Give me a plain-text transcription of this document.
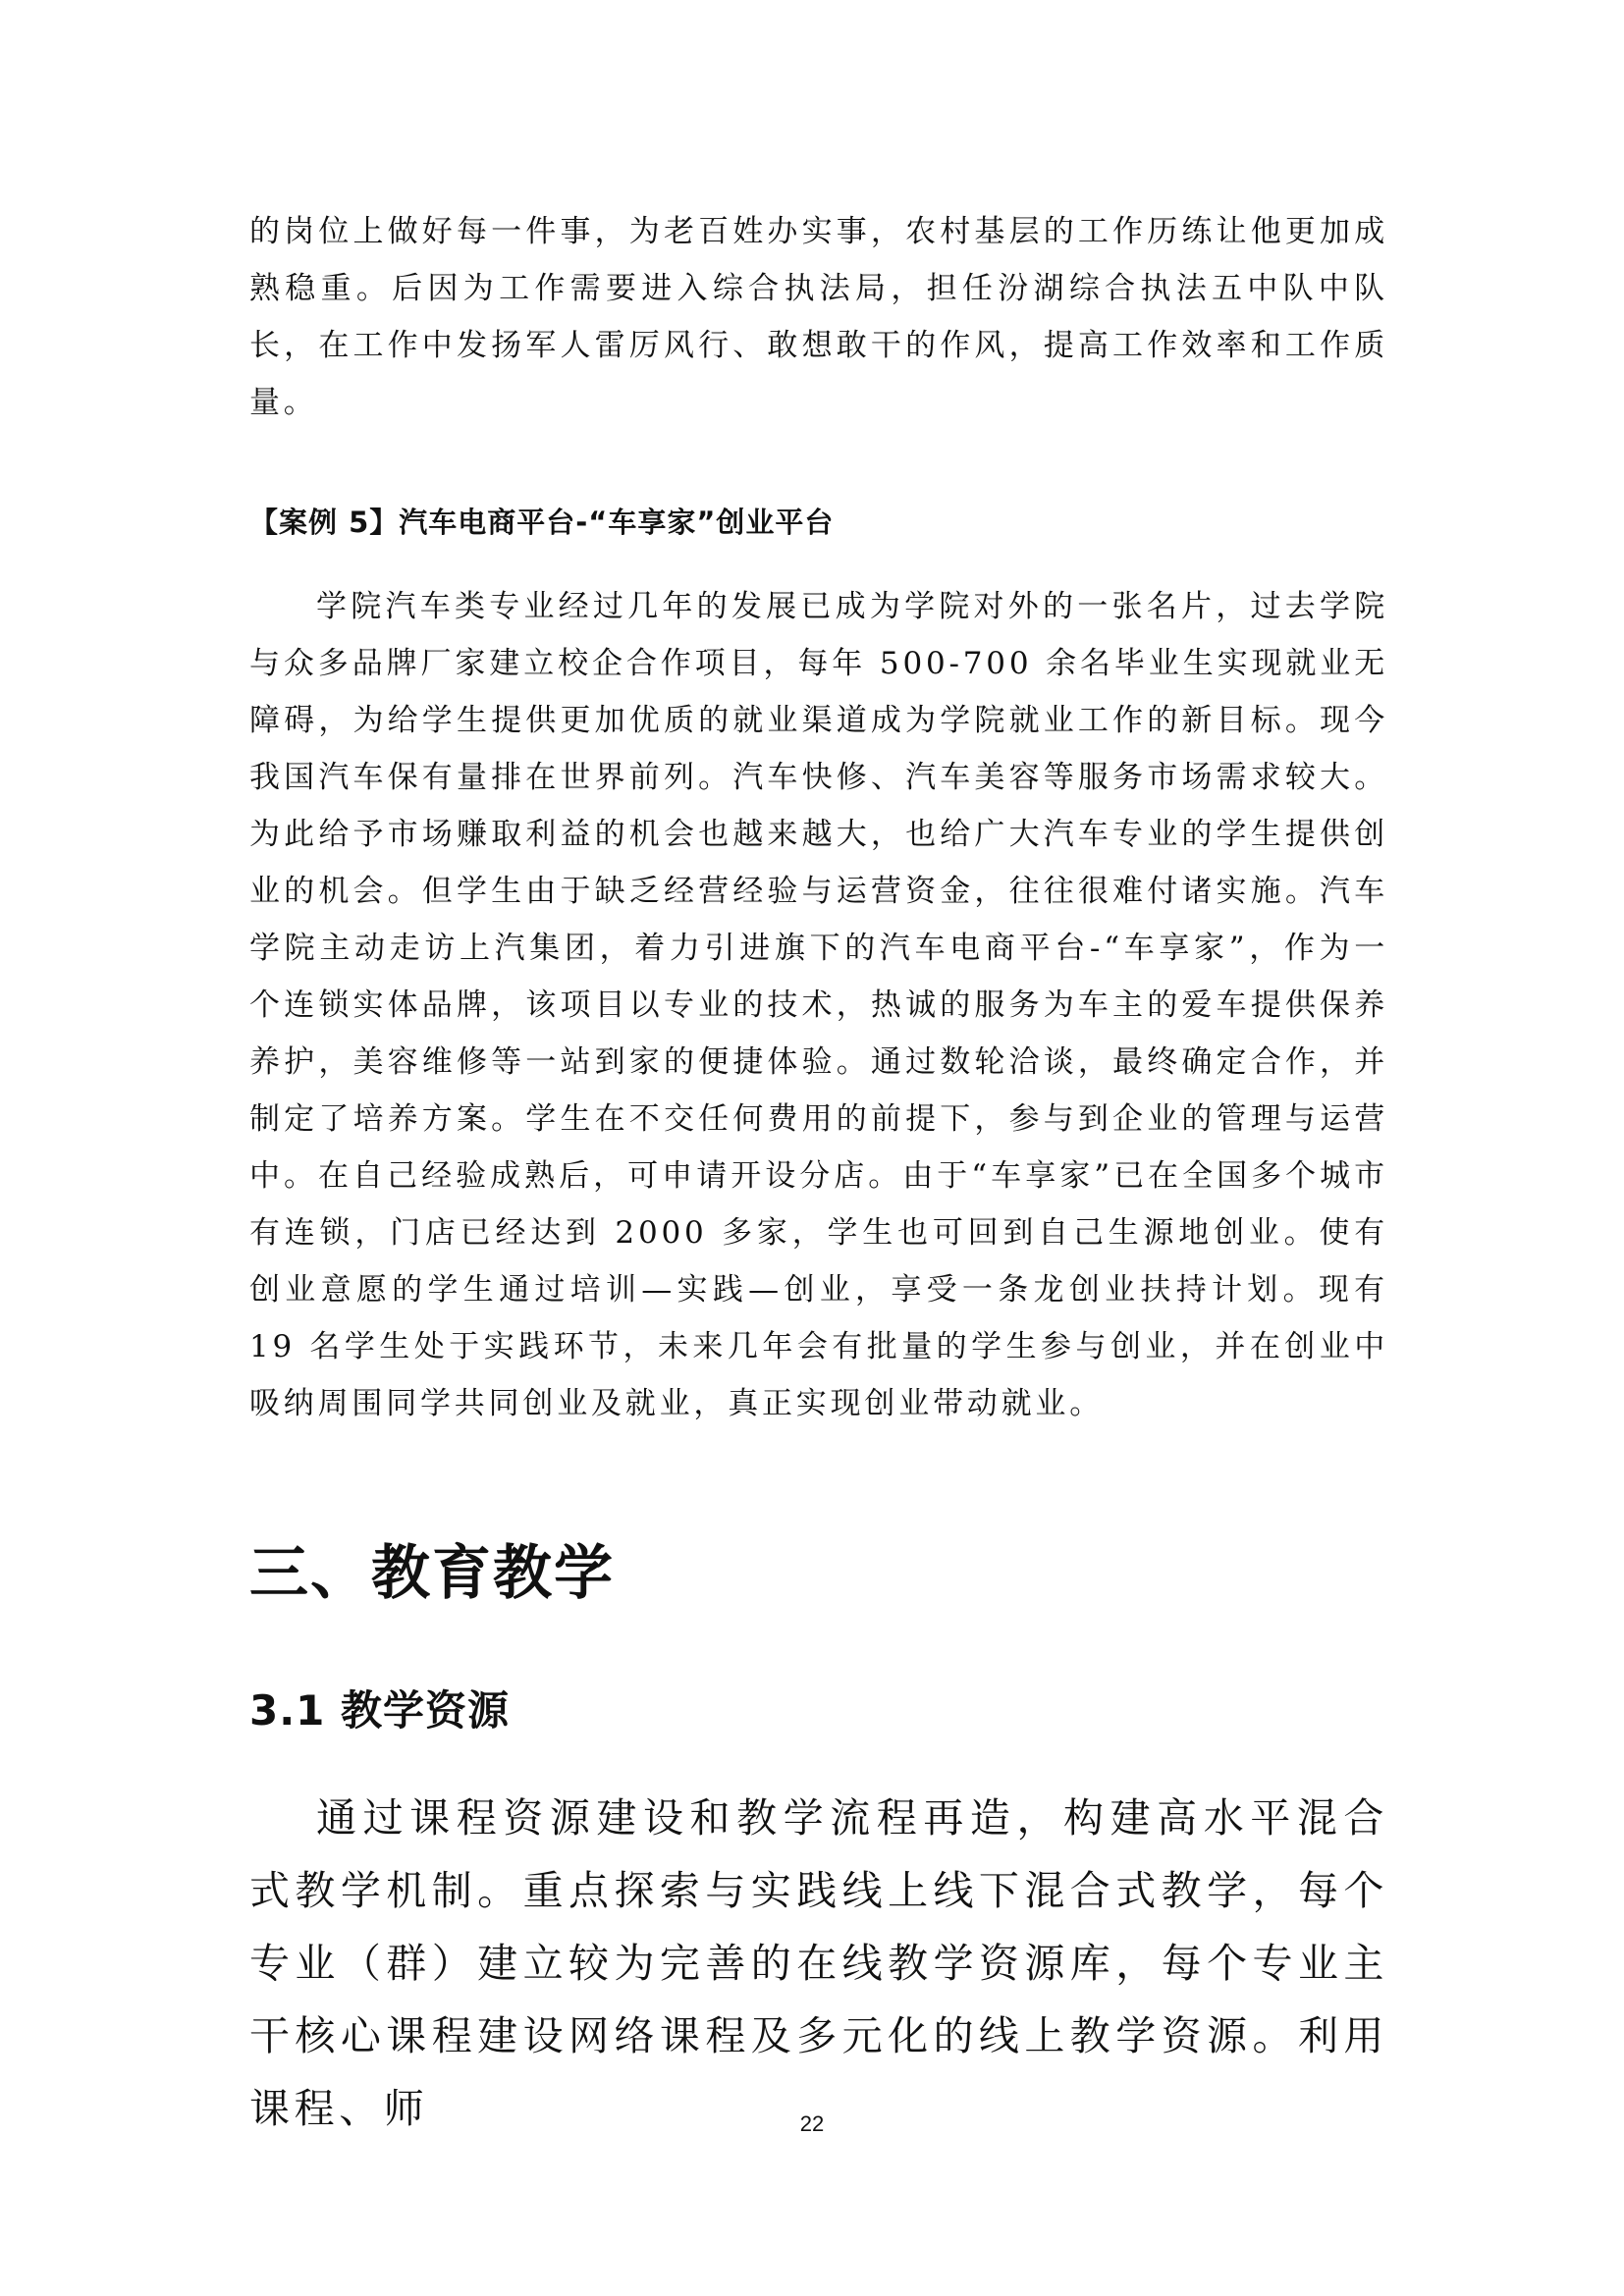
的岗位上做好每一件事，为老百姓办实事，农村基层的工作历练让他更加成熟稳重。后因为工作需要进入综合执法局，担任汾湖综合执法五中队中队长，在工作中发扬军人雷厉风行、敢想敢干的作风，提高工作效率和工作质量。

【案例 5】汽车电商平台-“车享家”创业平台

学院汽车类专业经过几年的发展已成为学院对外的一张名片，过去学院与众多品牌厂家建立校企合作项目，每年 500-700 余名毕业生实现就业无障碍，为给学生提供更加优质的就业渠道成为学院就业工作的新目标。现今我国汽车保有量排在世界前列。汽车快修、汽车美容等服务市场需求较大。为此给予市场赚取利益的机会也越来越大，也给广大汽车专业的学生提供创业的机会。但学生由于缺乏经营经验与运营资金，往往很难付诸实施。汽车学院主动走访上汽集团，着力引进旗下的汽车电商平台-“车享家”，作为一个连锁实体品牌，该项目以专业的技术，热诚的服务为车主的爱车提供保养养护，美容维修等一站到家的便捷体验。通过数轮洽谈，最终确定合作，并制定了培养方案。学生在不交任何费用的前提下，参与到企业的管理与运营中。在自己经验成熟后，可申请开设分店。由于“车享家”已在全国多个城市有连锁，门店已经达到 2000 多家，学生也可回到自己生源地创业。使有创业意愿的学生通过培训—实践—创业，享受一条龙创业扶持计划。现有 19 名学生处于实践环节，未来几年会有批量的学生参与创业，并在创业中吸纳周围同学共同创业及就业，真正实现创业带动就业。

三、教育教学
3.1 教学资源

通过课程资源建设和教学流程再造，构建高水平混合式教学机制。重点探索与实践线上线下混合式教学，每个专业（群）建立较为完善的在线教学资源库，每个专业主干核心课程建设网络课程及多元化的线上教学资源。利用课程、师	22
